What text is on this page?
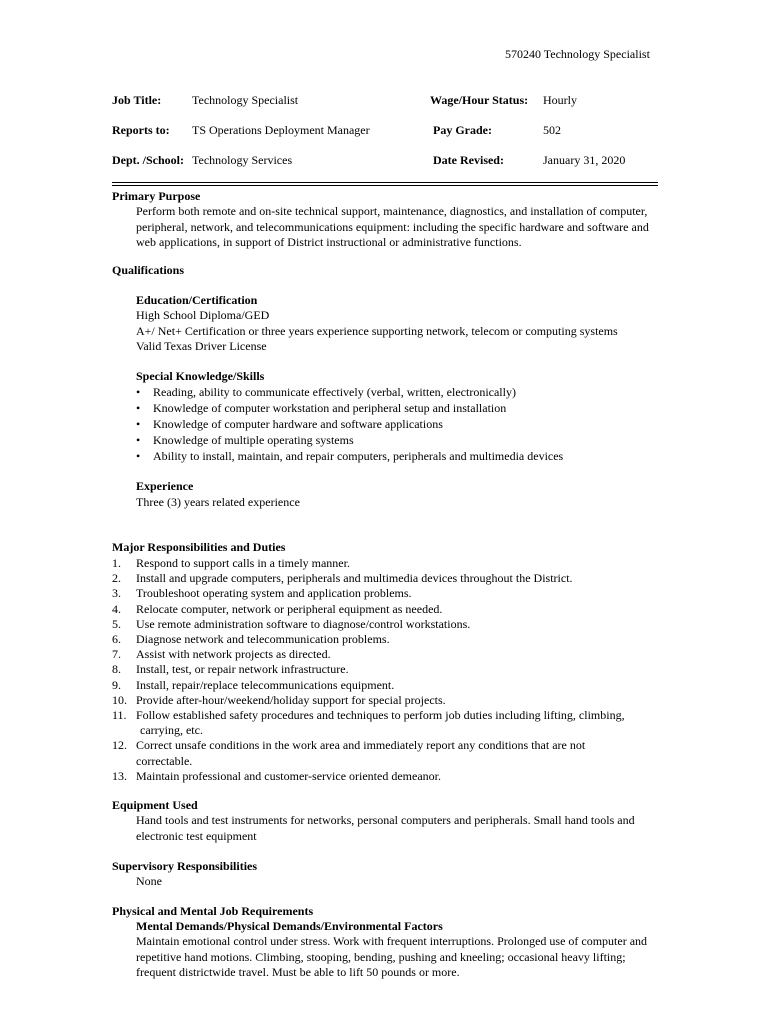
570240 Technology Specialist
Job Title:	Technology Specialist	Wage/Hour Status: Hourly
Reports to: TS Operations Deployment Manager	Pay Grade:	502
Dept. /School: Technology Services	Date Revised:	January 31, 2020
Primary Purpose
Perform both remote and on-site technical support, maintenance, diagnostics, and installation of computer, peripheral, network, and telecommunications equipment: including the specific hardware and software and web applications, in support of District instructional or administrative functions.
Qualifications
Education/Certification
High School Diploma/GED
A+/ Net+ Certification or three years experience supporting network, telecom or computing systems
Valid Texas Driver License
Special Knowledge/Skills
•	Reading, ability to communicate effectively (verbal, written, electronically)
•	Knowledge of computer workstation and peripheral setup and installation
•	Knowledge of computer hardware and software applications
•	Knowledge of multiple operating systems
•	Ability to install, maintain, and repair computers, peripherals and multimedia devices
Experience
Three (3) years related experience
Major Responsibilities and Duties
1.	Respond to support calls in a timely manner.
2.	Install and upgrade computers, peripherals and multimedia devices throughout the District.
3.	Troubleshoot operating system and application problems.
4.	Relocate computer, network or peripheral equipment as needed.
5.	Use remote administration software to diagnose/control workstations.
6.	Diagnose network and telecommunication problems.
7.	Assist with network projects as directed.
8.	Install, test, or repair network infrastructure.
9.	Install, repair/replace telecommunications equipment.
10. Provide after-hour/weekend/holiday support for special projects.
11. Follow established safety procedures and techniques to perform job duties including lifting, climbing,
carrying, etc.
12. Correct unsafe conditions in the work area and immediately report any conditions that are not
correctable.
13. Maintain professional and customer-service oriented demeanor.
Equipment Used
Hand tools and test instruments for networks, personal computers and peripherals. Small hand tools and electronic test equipment
Supervisory Responsibilities
None
Physical and Mental Job Requirements
Mental Demands/Physical Demands/Environmental Factors
Maintain emotional control under stress. Work with frequent interruptions. Prolonged use of computer and repetitive hand motions. Climbing, stooping, bending, pushing and kneeling; occasional heavy lifting; frequent districtwide travel. Must be able to lift 50 pounds or more.
